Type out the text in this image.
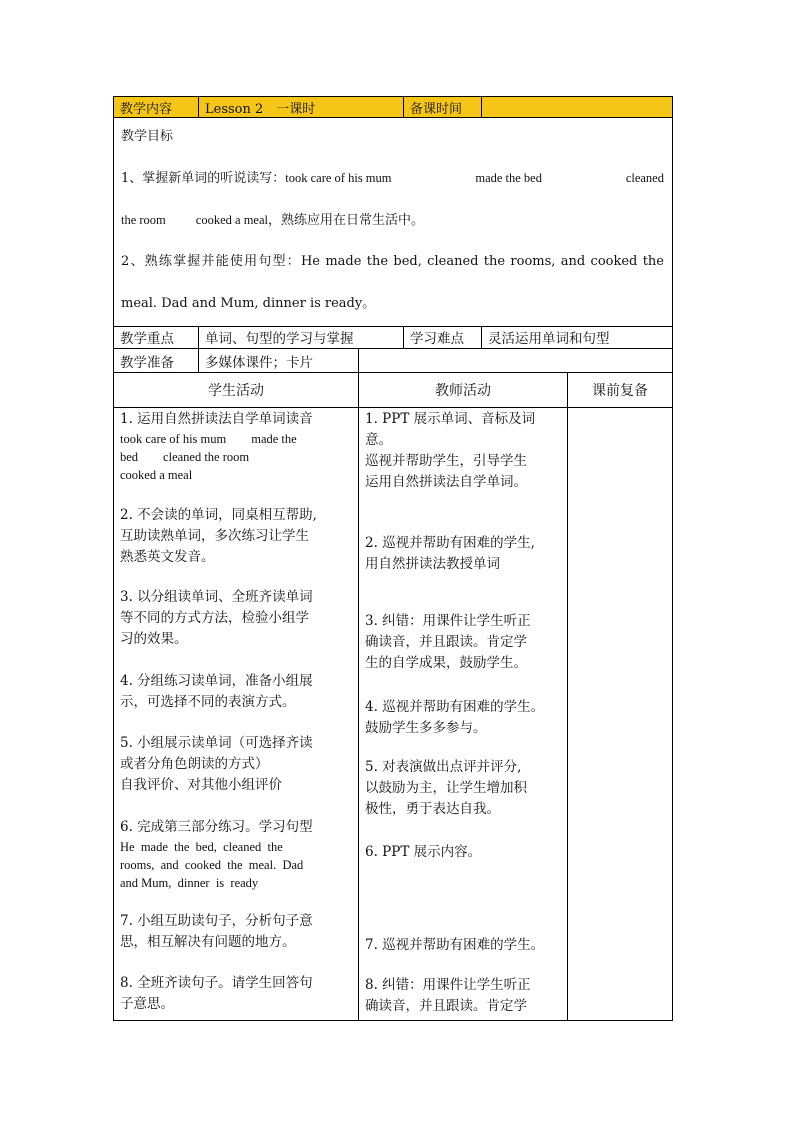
教学内容	Lesson 2　一课时	备课时间
教学目标
1、掌握新单词的听说读写：took care of his mum	made the bed	cleaned
the room cooked a meal，熟练应用在日常生活中。
2、熟练掌握并能使用句型：He made the bed, cleaned the rooms, and cooked the
meal. Dad and Mum, dinner is ready。
教学重点	单词、句型的学习与掌握	学习难点	灵活运用单词和句型
教学准备	多媒体课件；卡片
学生活动	教师活动	课前复备
1. 运用自然拼读法自学单词读音
took care of his mum        made the
bed        cleaned the room
cooked a meal
2. 不会读的单词，同桌相互帮助,
互助读熟单词，多次练习让学生
熟悉英文发音。
3. 以分组读单词、全班齐读单词
等不同的方式方法，检验小组学
习的效果。
4. 分组练习读单词，准备小组展
示，可选择不同的表演方式。
5. 小组展示读单词（可选择齐读
或者分角色朗读的方式）
自我评价、对其他小组评价
6. 完成第三部分练习。学习句型
He  made  the  bed,  cleaned  the
rooms,  and  cooked  the  meal.  Dad
and Mum,  dinner  is  ready
7. 小组互助读句子，分析句子意
思，相互解决有问题的地方。
8. 全班齐读句子。请学生回答句
子意思。
1. PPT 展示单词、音标及词
意。
巡视并帮助学生，引导学生
运用自然拼读法自学单词。
2. 巡视并帮助有困难的学生,
用自然拼读法教授单词
3. 纠错：用课件让学生听正
确读音，并且跟读。肯定学
生的自学成果，鼓励学生。
4. 巡视并帮助有困难的学生。
鼓励学生多多参与。
5. 对表演做出点评并评分,
以鼓励为主，让学生增加积
极性，勇于表达自我。
6. PPT 展示内容。
7. 巡视并帮助有困难的学生。
8. 纠错：用课件让学生听正
确读音，并且跟读。肯定学
